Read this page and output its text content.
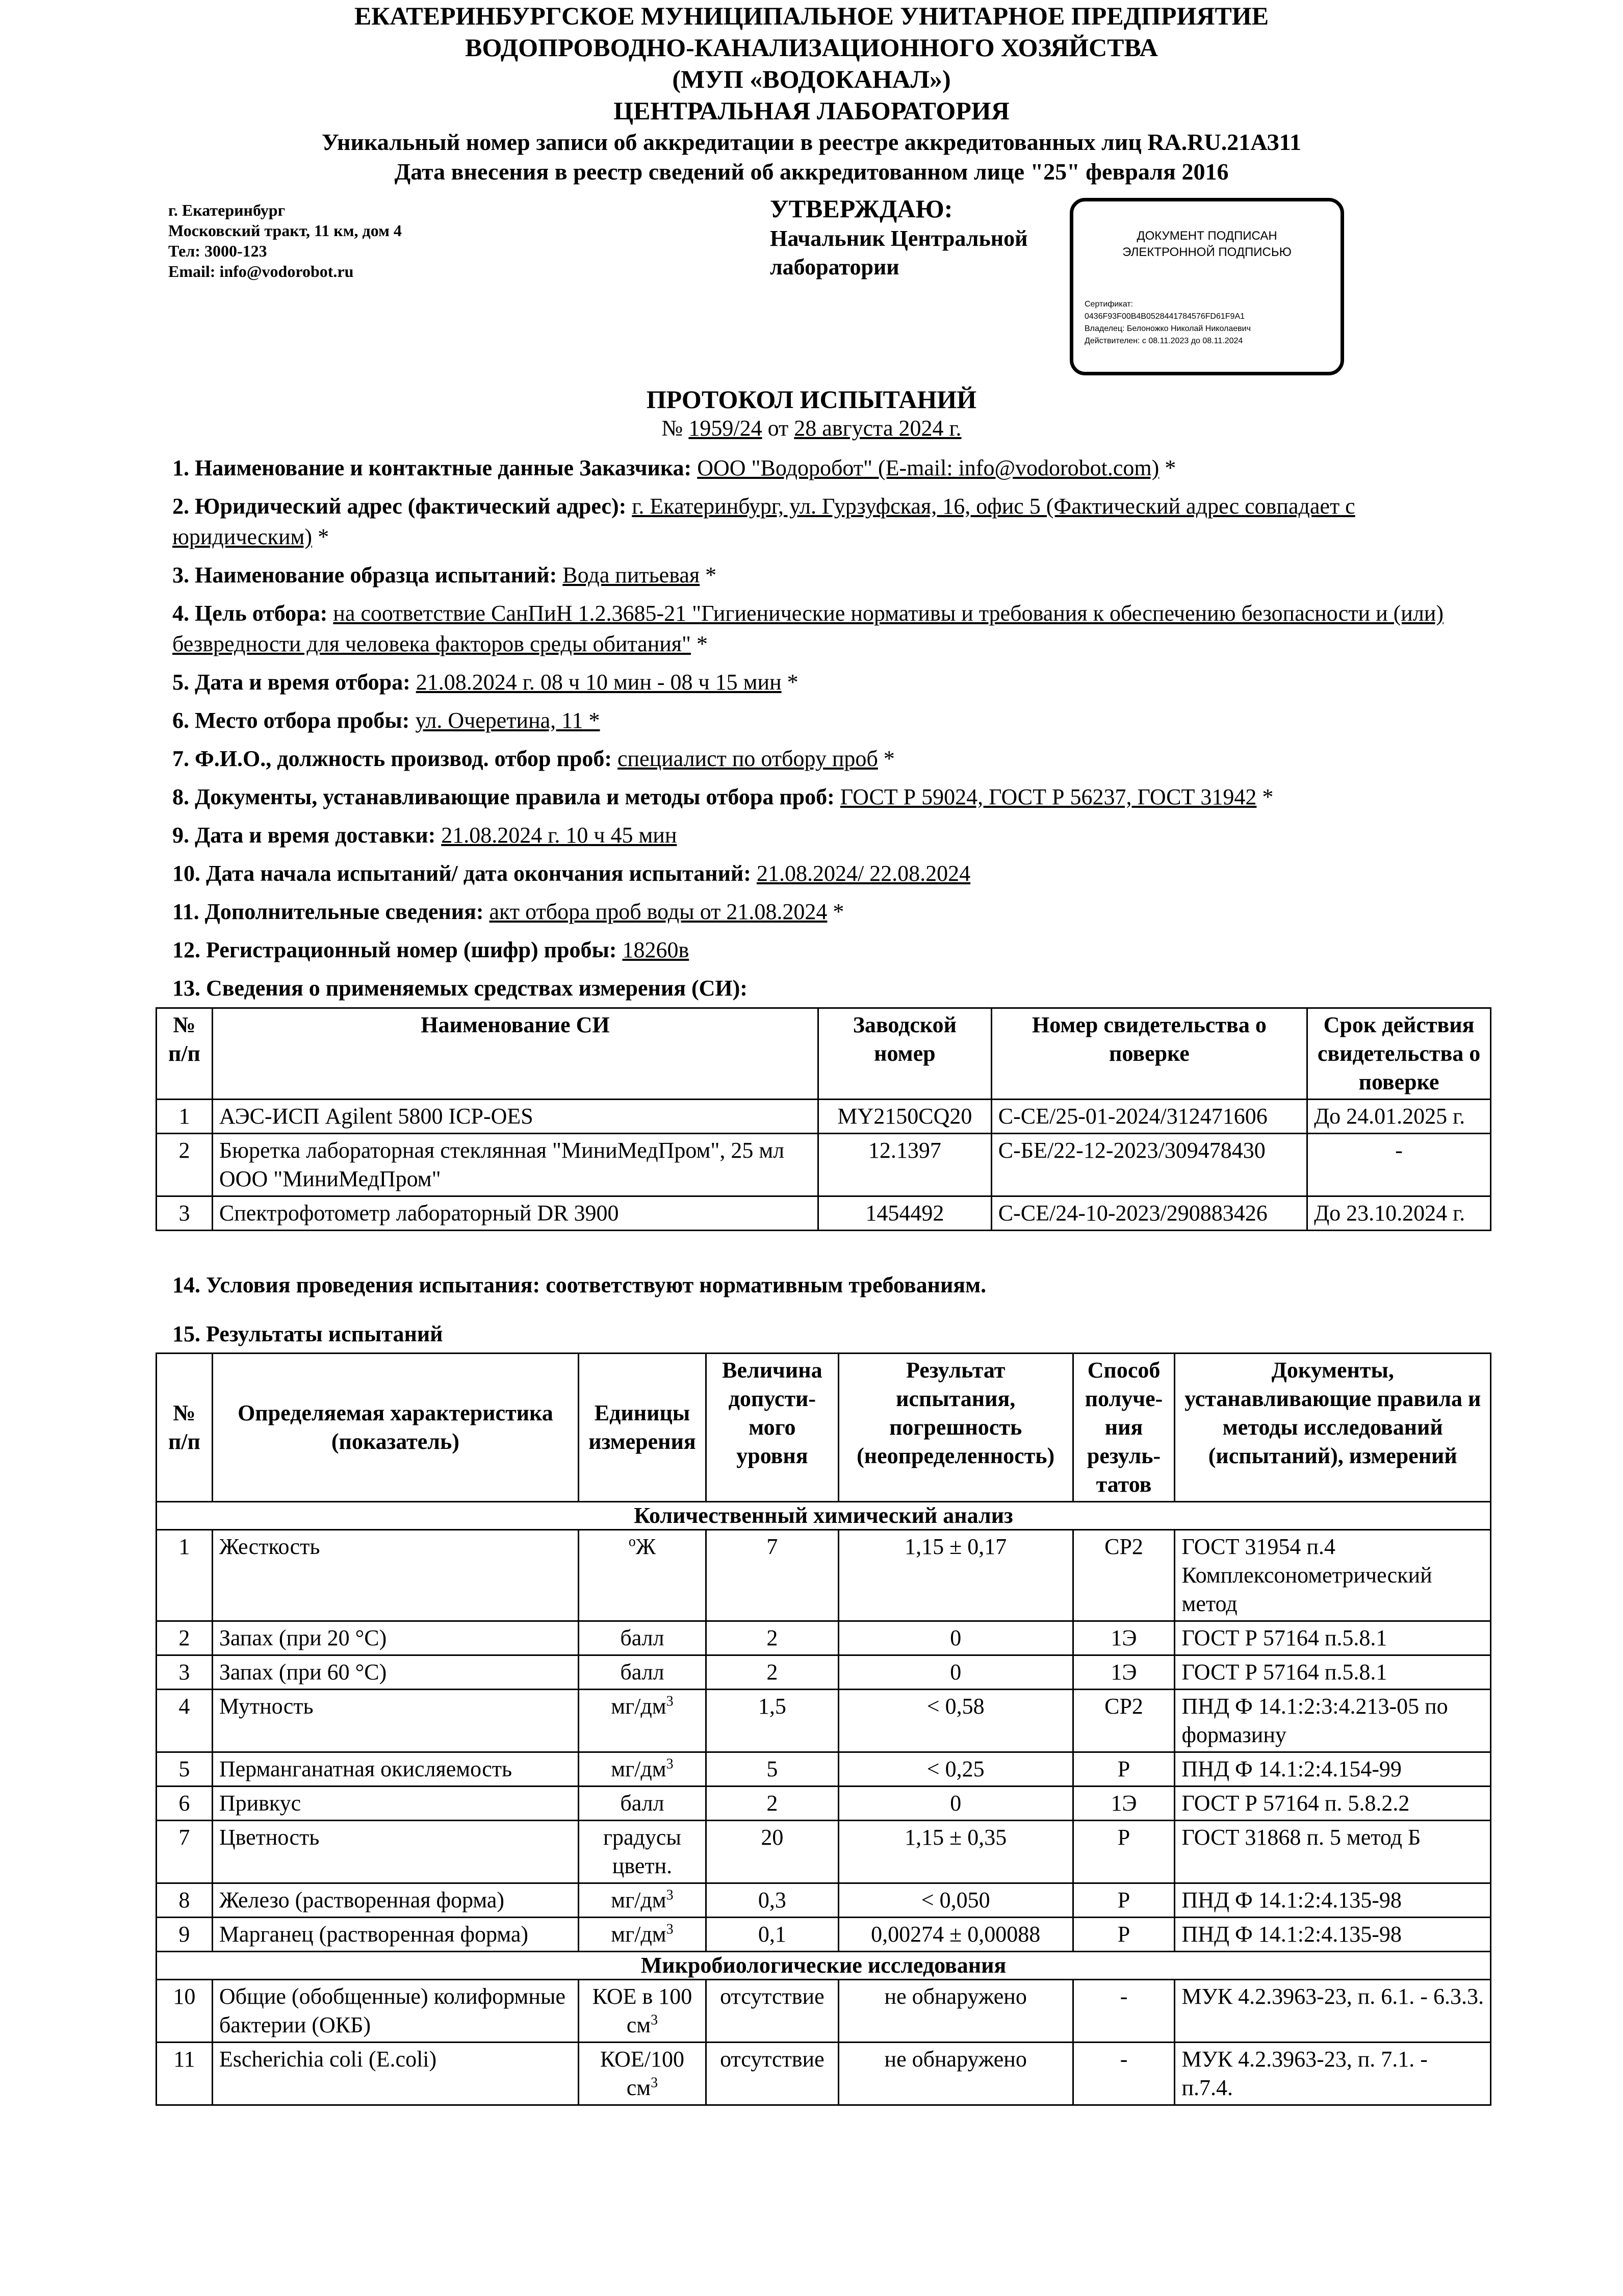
ЕКАТЕРИНБУРГСКОЕ МУНИЦИПАЛЬНОЕ УНИТАРНОЕ ПРЕДПРИЯТИЕ
ВОДОПРОВОДНО-КАНАЛИЗАЦИОННОГО ХОЗЯЙСТВА
(МУП «ВОДОКАНАЛ»)
ЦЕНТРАЛЬНАЯ ЛАБОРАТОРИЯ
Уникальный номер записи об аккредитации в реестре аккредитованных лиц RA.RU.21АЗ11
Дата внесения в реестр сведений об аккредитованном лице "25" февраля 2016
г. Екатеринбург
Московский тракт, 11 км, дом 4
Тел: 3000-123
Email: info@vodorobot.ru
УТВЕРЖДАЮ:
Начальник Центральной
лаборатории
ДОКУМЕНТ ПОДПИСАН
ЭЛЕКТРОННОЙ ПОДПИСЬЮ
Сертификат:
0436F93F00B4B0528441784576FD61F9A1
Владелец: Белоножко Николай Николаевич
Действителен: с 08.11.2023 до 08.11.2024
ПРОТОКОЛ ИСПЫТАНИЙ
№ 1959/24 от 28 августа 2024 г.
1. Наименование и контактные данные Заказчика: ООО "Водоробот" (E-mail: info@vodorobot.com) *
2. Юридический адрес (фактический адрес): г. Екатеринбург, ул. Гурзуфская, 16, офис 5 (Фактический адрес совпадает с юридическим) *
3. Наименование образца испытаний: Вода питьевая *
4. Цель отбора: на соответствие СанПиН 1.2.3685-21 "Гигиенические нормативы и требования к обеспечению безопасности и (или) безвредности для человека факторов среды обитания" *
5. Дата и время отбора: 21.08.2024 г. 08 ч 10 мин - 08 ч 15 мин *
6. Место отбора пробы: ул. Очеретина, 11 *
7. Ф.И.О., должность производ. отбор проб: специалист по отбору проб *
8. Документы, устанавливающие правила и методы отбора проб: ГОСТ Р 59024, ГОСТ Р 56237, ГОСТ 31942 *
9. Дата и время доставки: 21.08.2024 г. 10 ч 45 мин
10. Дата начала испытаний/ дата окончания испытаний: 21.08.2024/ 22.08.2024
11. Дополнительные сведения: акт отбора проб воды от 21.08.2024 *
12. Регистрационный номер (шифр) пробы: 18260в
13. Сведения о применяемых средствах измерения (СИ):
№ п/п	Наименование СИ	Заводской номер	Номер свидетельства о поверке	Срок действия свидетельства о поверке
1	АЭС-ИСП Agilent 5800 ICP-OES	MY2150CQ20	С-СЕ/25-01-2024/312471606	До 24.01.2025 г.
2	Бюретка лабораторная стеклянная "МиниМедПром", 25 мл ООО "МиниМедПром"	12.1397	С-БЕ/22-12-2023/309478430	-
3	Спектрофотометр лабораторный DR 3900	1454492	С-СЕ/24-10-2023/290883426	До 23.10.2024 г.
14. Условия проведения испытания: соответствуют нормативным требованиям.
15. Результаты испытаний
№ п/п	Определяемая характеристика (показатель)	Единицы измерения	Величина допусти-мого уровня	Результат испытания, погрешность (неопределенность)	Способ получе-ния резуль-татов	Документы, устанавливающие правила и методы исследований (испытаний), измерений
Количественный химический анализ						
1	Жесткость	$^о$Ж	7	1,15 ± 0,17	СР2	ГОСТ 31954 п.4 Комплексонометрический метод
2	Запах (при 20 °С)	балл	2	0	1Э	ГОСТ Р 57164 п.5.8.1
3	Запах (при 60 °С)	балл	2	0	1Э	ГОСТ Р 57164 п.5.8.1
4	Мутность	$мг/дм^3$	1,5	< 0,58	СР2	ПНД Ф 14.1:2:3:4.213-05 по формазину
5	Перманганатная окисляемость	$мг/дм^3$	5	< 0,25	Р	ПНД Ф 14.1:2:4.154-99
6	Привкус	балл	2	0	1Э	ГОСТ Р 57164 п. 5.8.2.2
7	Цветность	градусы цветн.	20	1,15 ± 0,35	Р	ГОСТ 31868 п. 5 метод Б
8	Железо (растворенная форма)	$мг/дм^3$	0,3	< 0,050	Р	ПНД Ф 14.1:2:4.135-98
9	Марганец (растворенная форма)	$мг/дм^3$	0,1	0,00274 ± 0,00088	Р	ПНД Ф 14.1:2:4.135-98
Микробиологические исследования						
10	Общие (обобщенные) колиформные бактерии (ОКБ)	КОЕ в 100 $см^3$	отсутствие	не обнаружено	-	МУК 4.2.3963-23, п. 6.1. - 6.3.3.
11	Escherichia coli (E.coli)	КОЕ/100 $см^3$	отсутствие	не обнаружено	-	МУК 4.2.3963-23, п. 7.1. - п.7.4.
